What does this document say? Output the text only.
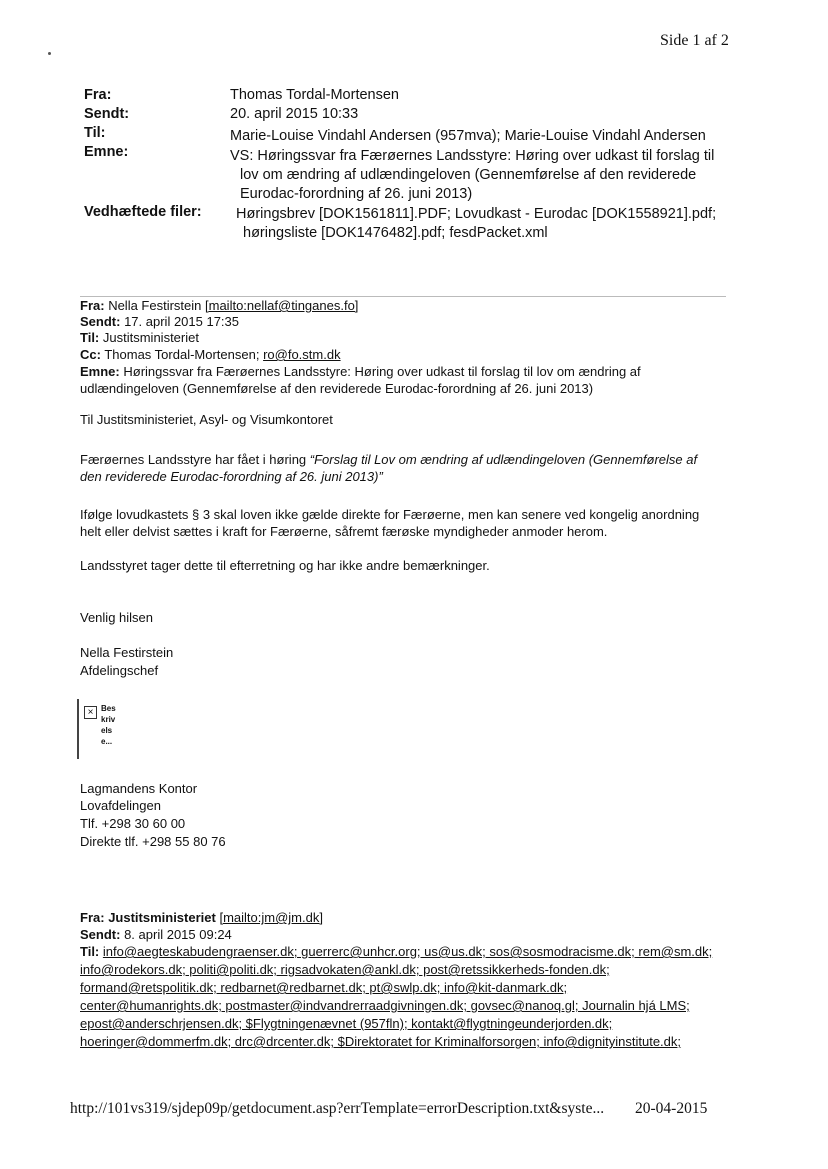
Side 1 af 2
Fra:	Thomas Tordal-Mortensen
Sendt:	20. april 2015 10:33
Til:	Marie-Louise Vindahl Andersen (957mva); Marie-Louise Vindahl Andersen
Emne:	VS: Høringssvar fra Færøernes Landsstyre: Høring over udkast til forslag til
lov om ændring af udlændingeloven (Gennemførelse af den reviderede
Eurodac-forordning af 26. juni 2013)
Vedhæftede filer: Høringsbrev [DOK1561811].PDF; Lovudkast - Eurodac [DOK1558921].pdf;
høringsliste [DOK1476482].pdf; fesdPacket.xml
Fra: Nella Festirstein [mailto:nellaf@tinganes.fo]
Sendt: 17. april 2015 17:35
Til: Justitsministeriet
Cc: Thomas Tordal-Mortensen; ro@fo.stm.dk
Emne: Høringssvar fra Færøernes Landsstyre: Høring over udkast til forslag til lov om ændring af
udlændingeloven (Gennemførelse af den reviderede Eurodac-forordning af 26. juni 2013)
Til Justitsministeriet, Asyl- og Visumkontoret
Færøernes Landsstyre har fået i høring “Forslag til Lov om ændring af udlændingeloven (Gennemførelse af
den reviderede Eurodac-forordning af 26. juni 2013)”
Ifølge lovudkastets § 3 skal loven ikke gælde direkte for Færøerne, men kan senere ved kongelig anordning
helt eller delvist sættes i kraft for Færøerne, såfremt færøske myndigheder anmoder herom.
Landsstyret tager dette til efterretning og har ikke andre bemærkninger.
Venlig hilsen
Nella Festirstein
Afdelingschef
× Bes
kriv
els
e...
Lagmandens Kontor
Lovafdelingen
Tlf. +298 30 60 00
Direkte tlf. +298 55 80 76
Fra: Justitsministeriet [mailto:jm@jm.dk]
Sendt: 8. april 2015 09:24
Til: info@aegteskabudengraenser.dk; guerrerc@unhcr.org; us@us.dk; sos@sosmodracisme.dk; rem@sm.dk;
info@rodekors.dk; politi@politi.dk; rigsadvokaten@ankl.dk; post@retssikkerheds-fonden.dk;
formand@retspolitik.dk; redbarnet@redbarnet.dk; pt@swlp.dk; info@kit-danmark.dk;
center@humanrights.dk; postmaster@indvandrerraadgivningen.dk; govsec@nanoq.gl; Journalin hjá LMS;
epost@anderschrjensen.dk; $Flygtningenævnet (957fln); kontakt@flygtningeunderjorden.dk;
hoeringer@dommerfm.dk; drc@drcenter.dk; $Direktoratet for Kriminalforsorgen; info@dignityinstitute.dk;
http://101vs319/sjdep09p/getdocument.asp?errTemplate=errorDescription.txt&syste... 20-04-2015
